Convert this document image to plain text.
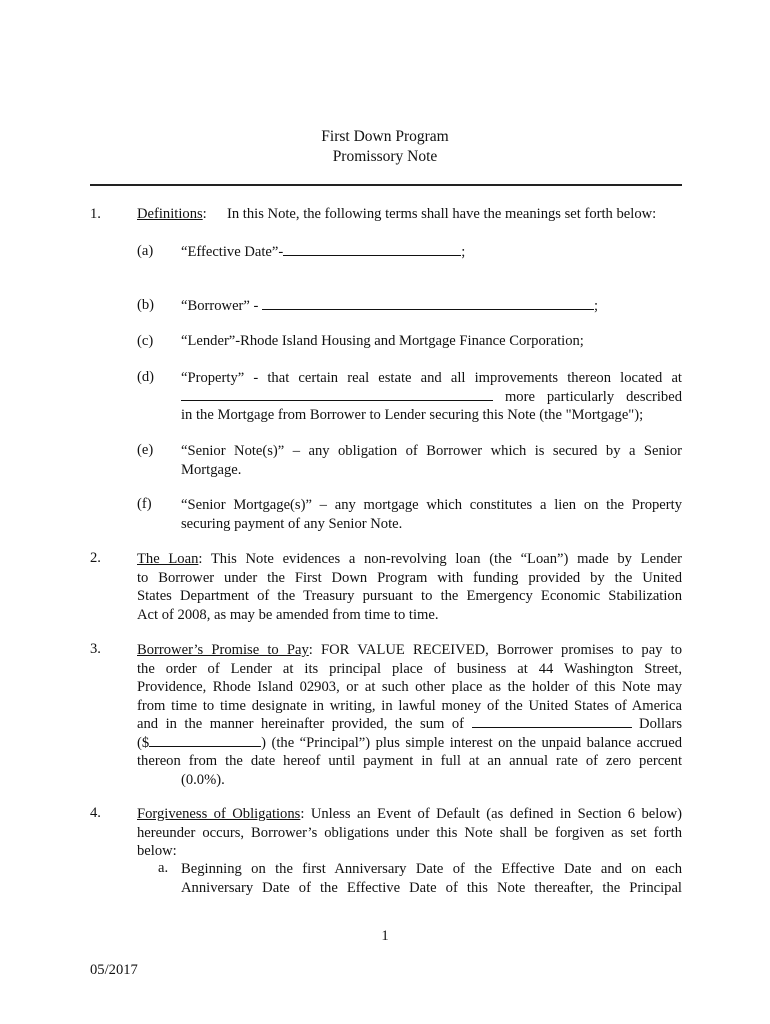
First Down Program
Promissory Note
1. Definitions: In this Note, the following terms shall have the meanings set forth below:
(a) “Effective Date”-	;
(b) “Borrower” -	;
(c) “Lender”-Rhode Island Housing and Mortgage Finance Corporation;
(d) “Property” - that certain real estate and all improvements thereon located at
more particularly described
in the Mortgage from Borrower to Lender securing this Note (the "Mortgage");
(e) “Senior Note(s)” – any obligation of Borrower which is secured by a Senior
Mortgage.
(f) “Senior Mortgage(s)” – any mortgage which constitutes a lien on the Property
securing payment of any Senior Note.
2. The Loan: This Note evidences a non-revolving loan (the “Loan”) made by Lender
to Borrower under the First Down Program with funding provided by the United
States Department of the Treasury pursuant to the Emergency Economic Stabilization
Act of 2008, as may be amended from time to time.
3. Borrower’s Promise to Pay: FOR VALUE RECEIVED, Borrower promises to pay to
the order of Lender at its principal place of business at 44 Washington Street,
Providence, Rhode Island 02903, or at such other place as the holder of this Note may
from time to time designate in writing, in lawful money of the United States of America
and in the manner hereinafter provided, the sum of	Dollars
($	) (the “Principal”) plus simple interest on the unpaid balance accrued
thereon from the date hereof until payment in full at an annual rate of zero percent
(0.0%).
4. Forgiveness of Obligations: Unless an Event of Default (as defined in Section 6 below)
hereunder occurs, Borrower’s obligations under this Note shall be forgiven as set forth
below:
a. Beginning on the first Anniversary Date of the Effective Date and on each
Anniversary Date of the Effective Date of this Note thereafter, the Principal
1
05/2017
